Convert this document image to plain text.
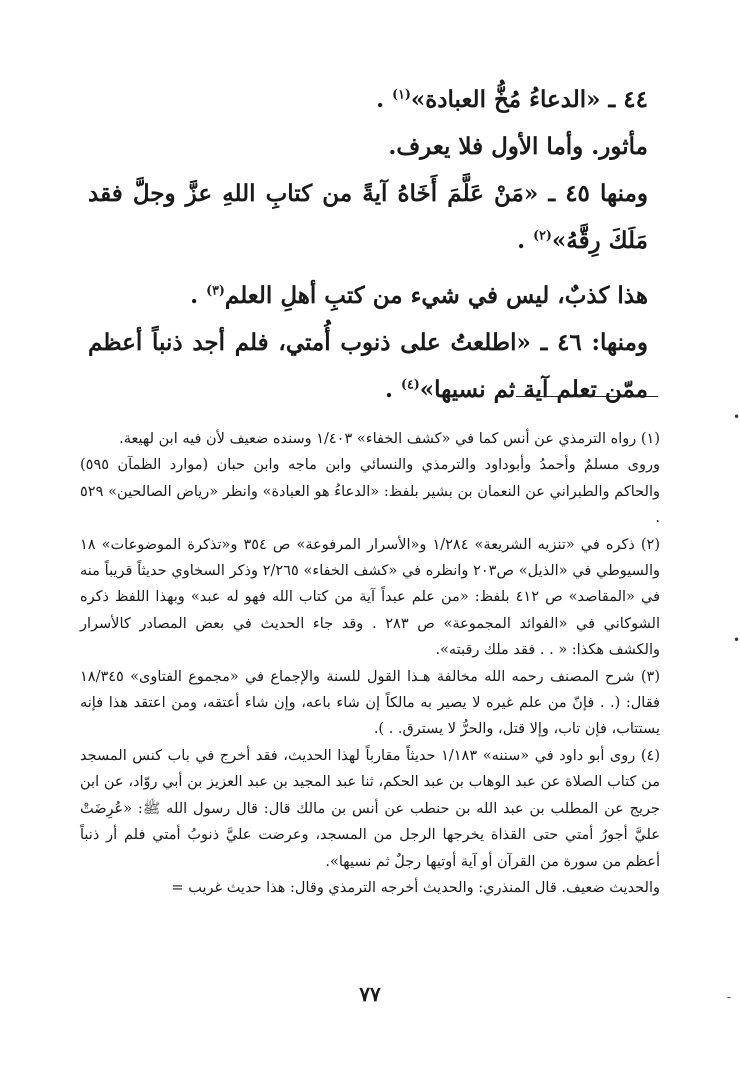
٤٤ ـ «الدعاءُ مُخُّ العبادة»$^{(١)}$ .

مأثور. وأما الأول فلا يعرف.

ومنها ٤٥ ـ «مَنْ عَلَّمَ أَخَاهُ آيةً من كتابِ اللهِ عزَّ وجلَّ فقد مَلَكَ رِقَّهُ»$^{(٢)}$ .

هذا كذبٌ، ليس في شيء من كتبِ أهلِ العلم$^{(٣)}$ .

ومنها: ٤٦ ـ «اطلعتُ على ذنوب أُمتي، فلم أجد ذنباً أعظم ممّن تعلم آية ثم نسيها»$^{(٤)}$ .

(١) رواه الترمذي عن أنس كما في «كشف الخفاء» ١/٤٠٣ وسنده ضعيف لأن فيه ابن لهيعة.

وروى مسلمٌ وأحمدُ وأبوداود والترمذي والنسائي وابن ماجه وابن حبان (موارد الظمآن ٥٩٥) والحاكم والطبراني عن النعمان بن بشير بلفظ: «الدعاءُ هو العبادة» وانظر «رياض الصالحين» ٥٢٩ .

(٢) ذكره في «تنزيه الشريعة» ١/٢٨٤ و«الأسرار المرفوعة» ص ٣٥٤ و«تذكرة الموضوعات» ١٨ والسيوطي في «الذيل» ص٢٠٣ وانظره في «كشف الخفاء» ٢/٢٦٥ وذكر السخاوي حديثاً قريباً منه في «المقاصد» ص ٤١٢ بلفظ: «من علم عبداً آية من كتاب الله فهو له عبد» وبهذا اللفظ ذكره الشوكاني في «الفوائد المجموعة» ص ٢٨٣ . وقد جاء الحديث في بعض المصادر كالأسرار والكشف هكذا: « . . فقد ملك رقبته».

(٣) شرح المصنف رحمه الله مخالفة هـذا القول للسنة والإجماع في «مجموع الفتاوى» ١٨/٣٤٥ فقال: (. . فإنّ من علم غيره لا يصير به مالكاً إن شاء باعه، وإن شاء أعتقه، ومن اعتقد هذا فإنه يستتاب، فإن تاب، وإلا قتل، والحرُّ لا يسترق. . ).

(٤) روى أبو داود في «سننه» ١/١٨٣ حديثاً مقارباً لهذا الحديث، فقد أخرج في باب كنس المسجد من كتاب الصلاة عن عبد الوهاب بن عبد الحكم، ثنا عبد المجيد بن عبد العزيز بن أبي روّاد، عن ابن جريج عن المطلب بن عبد الله بن حنطب عن أنس بن مالك قال: قال رسول الله ﷺ: «عُرِضَتْ عليَّ أجورُ أمتي حتى القذاة يخرجها الرجل من المسجد، وعرضت عليَّ ذنوبُ أمتي فلم أر ذنباً أعظم من سورة من القرآن أو آية أوتيها رجلٌ ثم نسيها».

والحديث ضعيف. قال المنذري: والحديث أخرجه الترمذي وقال: هذا حديث غريب =

٧٧
•
•
-
